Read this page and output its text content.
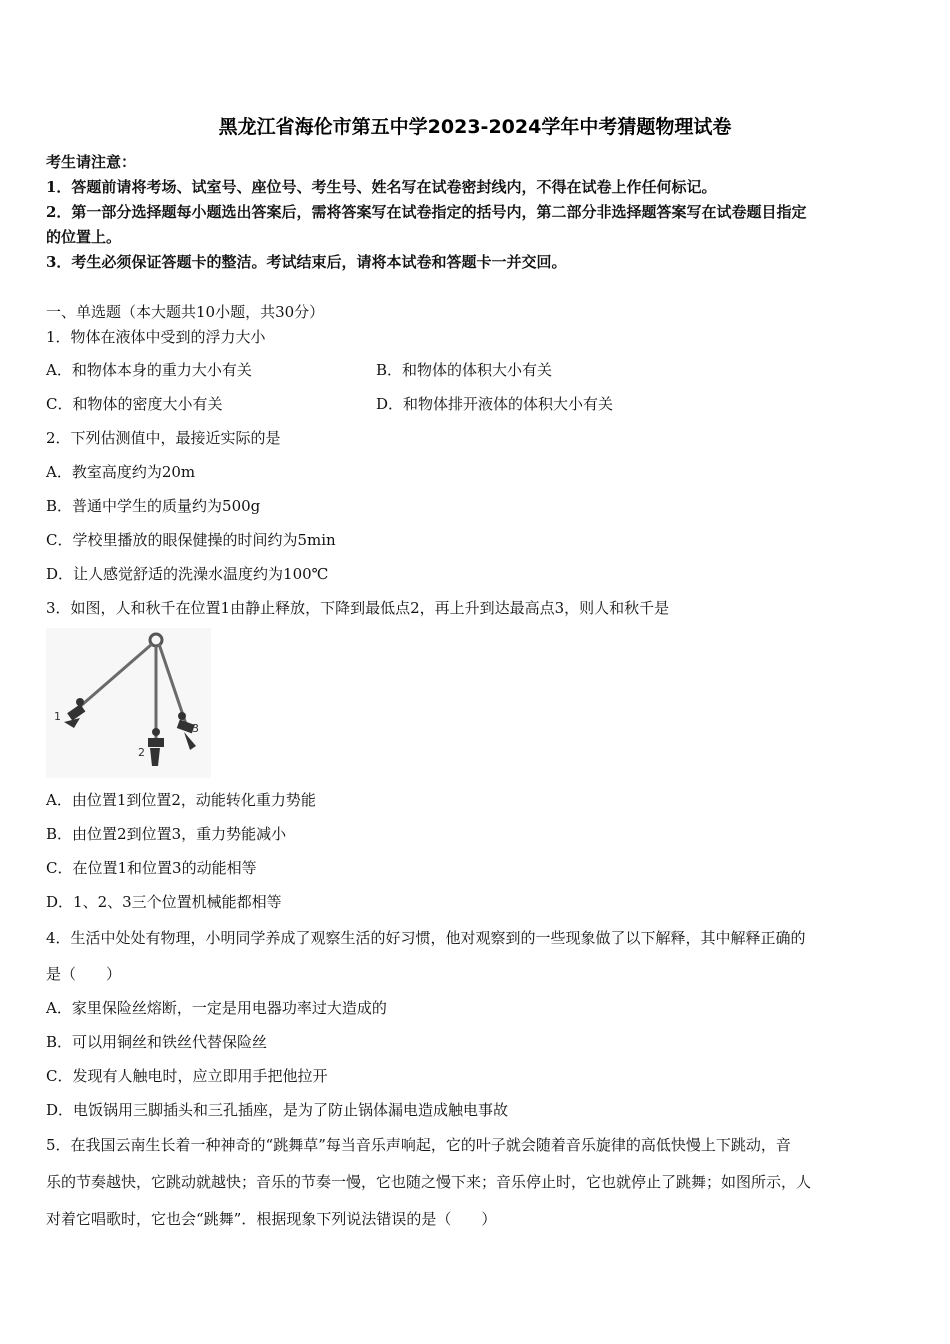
黑龙江省海伦市第五中学2023-2024学年中考猜题物理试卷
考生请注意：
1．答题前请将考场、试室号、座位号、考生号、姓名写在试卷密封线内，不得在试卷上作任何标记。
2．第一部分选择题每小题选出答案后，需将答案写在试卷指定的括号内，第二部分非选择题答案写在试卷题目指定
的位置上。
3．考生必须保证答题卡的整洁。考试结束后，请将本试卷和答题卡一并交回。
一、单选题（本大题共10小题，共30分）
1．物体在液体中受到的浮力大小
A．和物体本身的重力大小有关	B．和物体的体积大小有关
C．和物体的密度大小有关	D．和物体排开液体的体积大小有关
2．下列估测值中，最接近实际的是
A．教室高度约为20m
B．普通中学生的质量约为500g
C．学校里播放的眼保健操的时间约为5min
D．让人感觉舒适的洗澡水温度约为100℃
3．如图，人和秋千在位置1由静止释放，下降到最低点2，再上升到达最高点3，则人和秋千是
1
2
3
A．由位置1到位置2，动能转化重力势能
B．由位置2到位置3，重力势能减小
C．在位置1和位置3的动能相等
D．1、2、3三个位置机械能都相等
4．生活中处处有物理，小明同学养成了观察生活的好习惯，他对观察到的一些现象做了以下解释，其中解释正确的
是（　　）
A．家里保险丝熔断，一定是用电器功率过大造成的
B．可以用铜丝和铁丝代替保险丝
C．发现有人触电时，应立即用手把他拉开
D．电饭锅用三脚插头和三孔插座，是为了防止锅体漏电造成触电事故
5．在我国云南生长着一种神奇的“跳舞草”每当音乐声响起，它的叶子就会随着音乐旋律的高低快慢上下跳动，音
乐的节奏越快，它跳动就越快；音乐的节奏一慢，它也随之慢下来；音乐停止时，它也就停止了跳舞；如图所示，人
对着它唱歌时，它也会“跳舞”．根据现象下列说法错误的是（　　）
